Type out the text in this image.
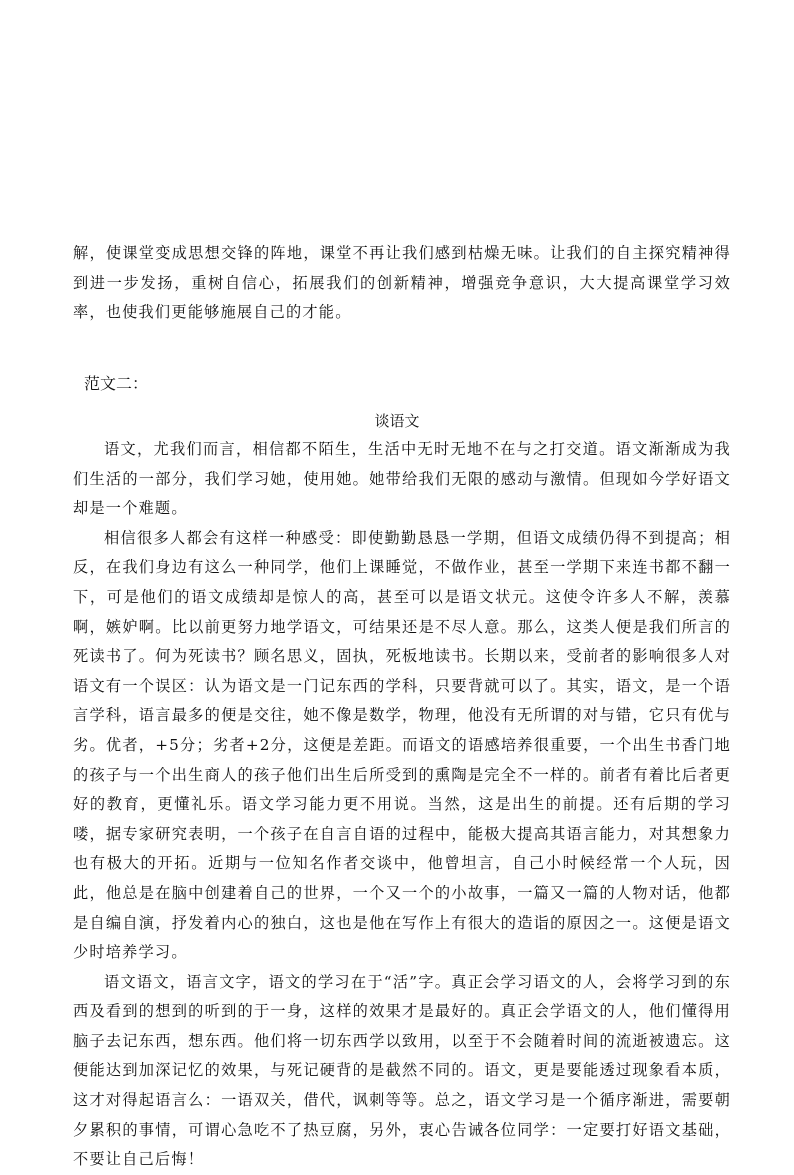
解，使课堂变成思想交锋的阵地，课堂不再让我们感到枯燥无味。让我们的自主探究精神得到进一步发扬，重树自信心，拓展我们的创新精神，增强竞争意识，大大提高课堂学习效率，也使我们更能够施展自己的才能。

范文二：
谈语文

语文，尤我们而言，相信都不陌生，生活中无时无地不在与之打交道。语文渐渐成为我们生活的一部分，我们学习她，使用她。她带给我们无限的感动与激情。但现如今学好语文却是一个难题。

相信很多人都会有这样一种感受：即使勤勤恳恳一学期，但语文成绩仍得不到提高；相反，在我们身边有这么一种同学，他们上课睡觉，不做作业，甚至一学期下来连书都不翻一下，可是他们的语文成绩却是惊人的高，甚至可以是语文状元。这使令许多人不解，羡慕啊，嫉妒啊。比以前更努力地学语文，可结果还是不尽人意。那么，这类人便是我们所言的死读书了。何为死读书？顾名思义，固执，死板地读书。长期以来，受前者的影响很多人对语文有一个误区：认为语文是一门记东西的学科，只要背就可以了。其实，语文，是一个语言学科，语言最多的便是交往，她不像是数学，物理，他没有无所谓的对与错，它只有优与劣。优者，+5分；劣者+2分，这便是差距。而语文的语感培养很重要，一个出生书香门地的孩子与一个出生商人的孩子他们出生后所受到的熏陶是完全不一样的。前者有着比后者更好的教育，更懂礼乐。语文学习能力更不用说。当然，这是出生的前提。还有后期的学习喽，据专家研究表明，一个孩子在自言自语的过程中，能极大提高其语言能力，对其想象力也有极大的开拓。近期与一位知名作者交谈中，他曾坦言，自己小时候经常一个人玩，因此，他总是在脑中创建着自己的世界，一个又一个的小故事，一篇又一篇的人物对话，他都是自编自演，抒发着内心的独白，这也是他在写作上有很大的造诣的原因之一。这便是语文少时培养学习。

语文语文，语言文字，语文的学习在于“活”字。真正会学习语文的人，会将学习到的东西及看到的想到的听到的于一身，这样的效果才是最好的。真正会学语文的人，他们懂得用脑子去记东西，想东西。他们将一切东西学以致用，以至于不会随着时间的流逝被遗忘。这便能达到加深记忆的效果，与死记硬背的是截然不同的。语文，更是要能透过现象看本质，这才对得起语言么：一语双关，借代，讽刺等等。总之，语文学习是一个循序渐进，需要朝夕累积的事情，可谓心急吃不了热豆腐，另外，衷心告诫各位同学：一定要打好语文基础，不要让自己后悔！
